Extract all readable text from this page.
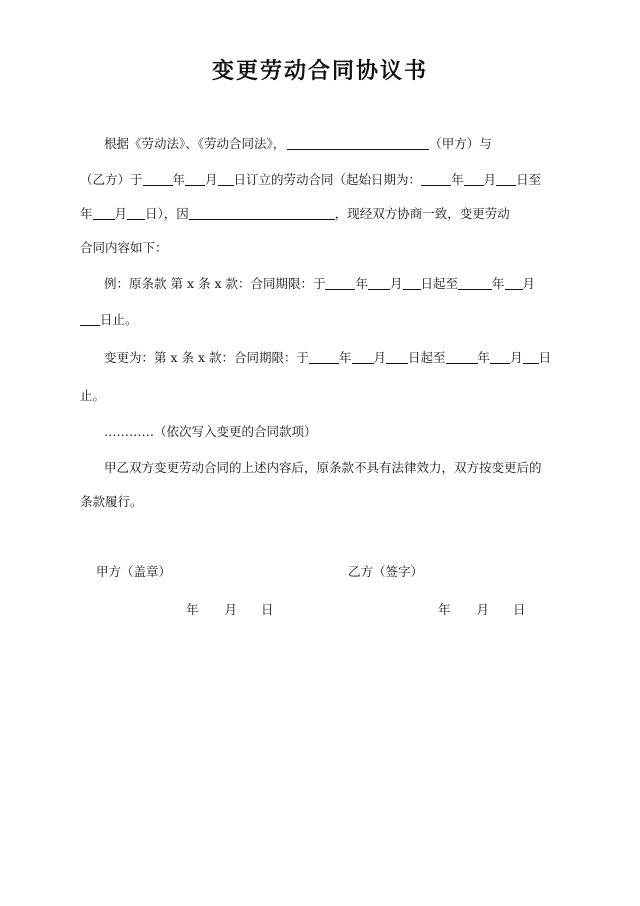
变更劳动合同协议书
根据《劳动法》、《劳动合同法》，	（甲方）与
（乙方）于 年 月 日订立的劳动合同（起始日期为： 年 月 日至
年 月 日），因	，现经双方协商一致，变更劳动
合同内容如下：
例：原条款 第 x 条 x 款：合同期限：于 年 月 日起至	年 月
日止。
变更为：第 x 条 x 款：合同期限：于 年 月 日起至	年 月 日
止。
…………（依次写入变更的合同款项）
甲乙双方变更劳动合同的上述内容后，原条款不具有法律效力，双方按变更后的
条款履行。
甲方（盖章）	乙方（签字）
年 月 日	年 月 日
